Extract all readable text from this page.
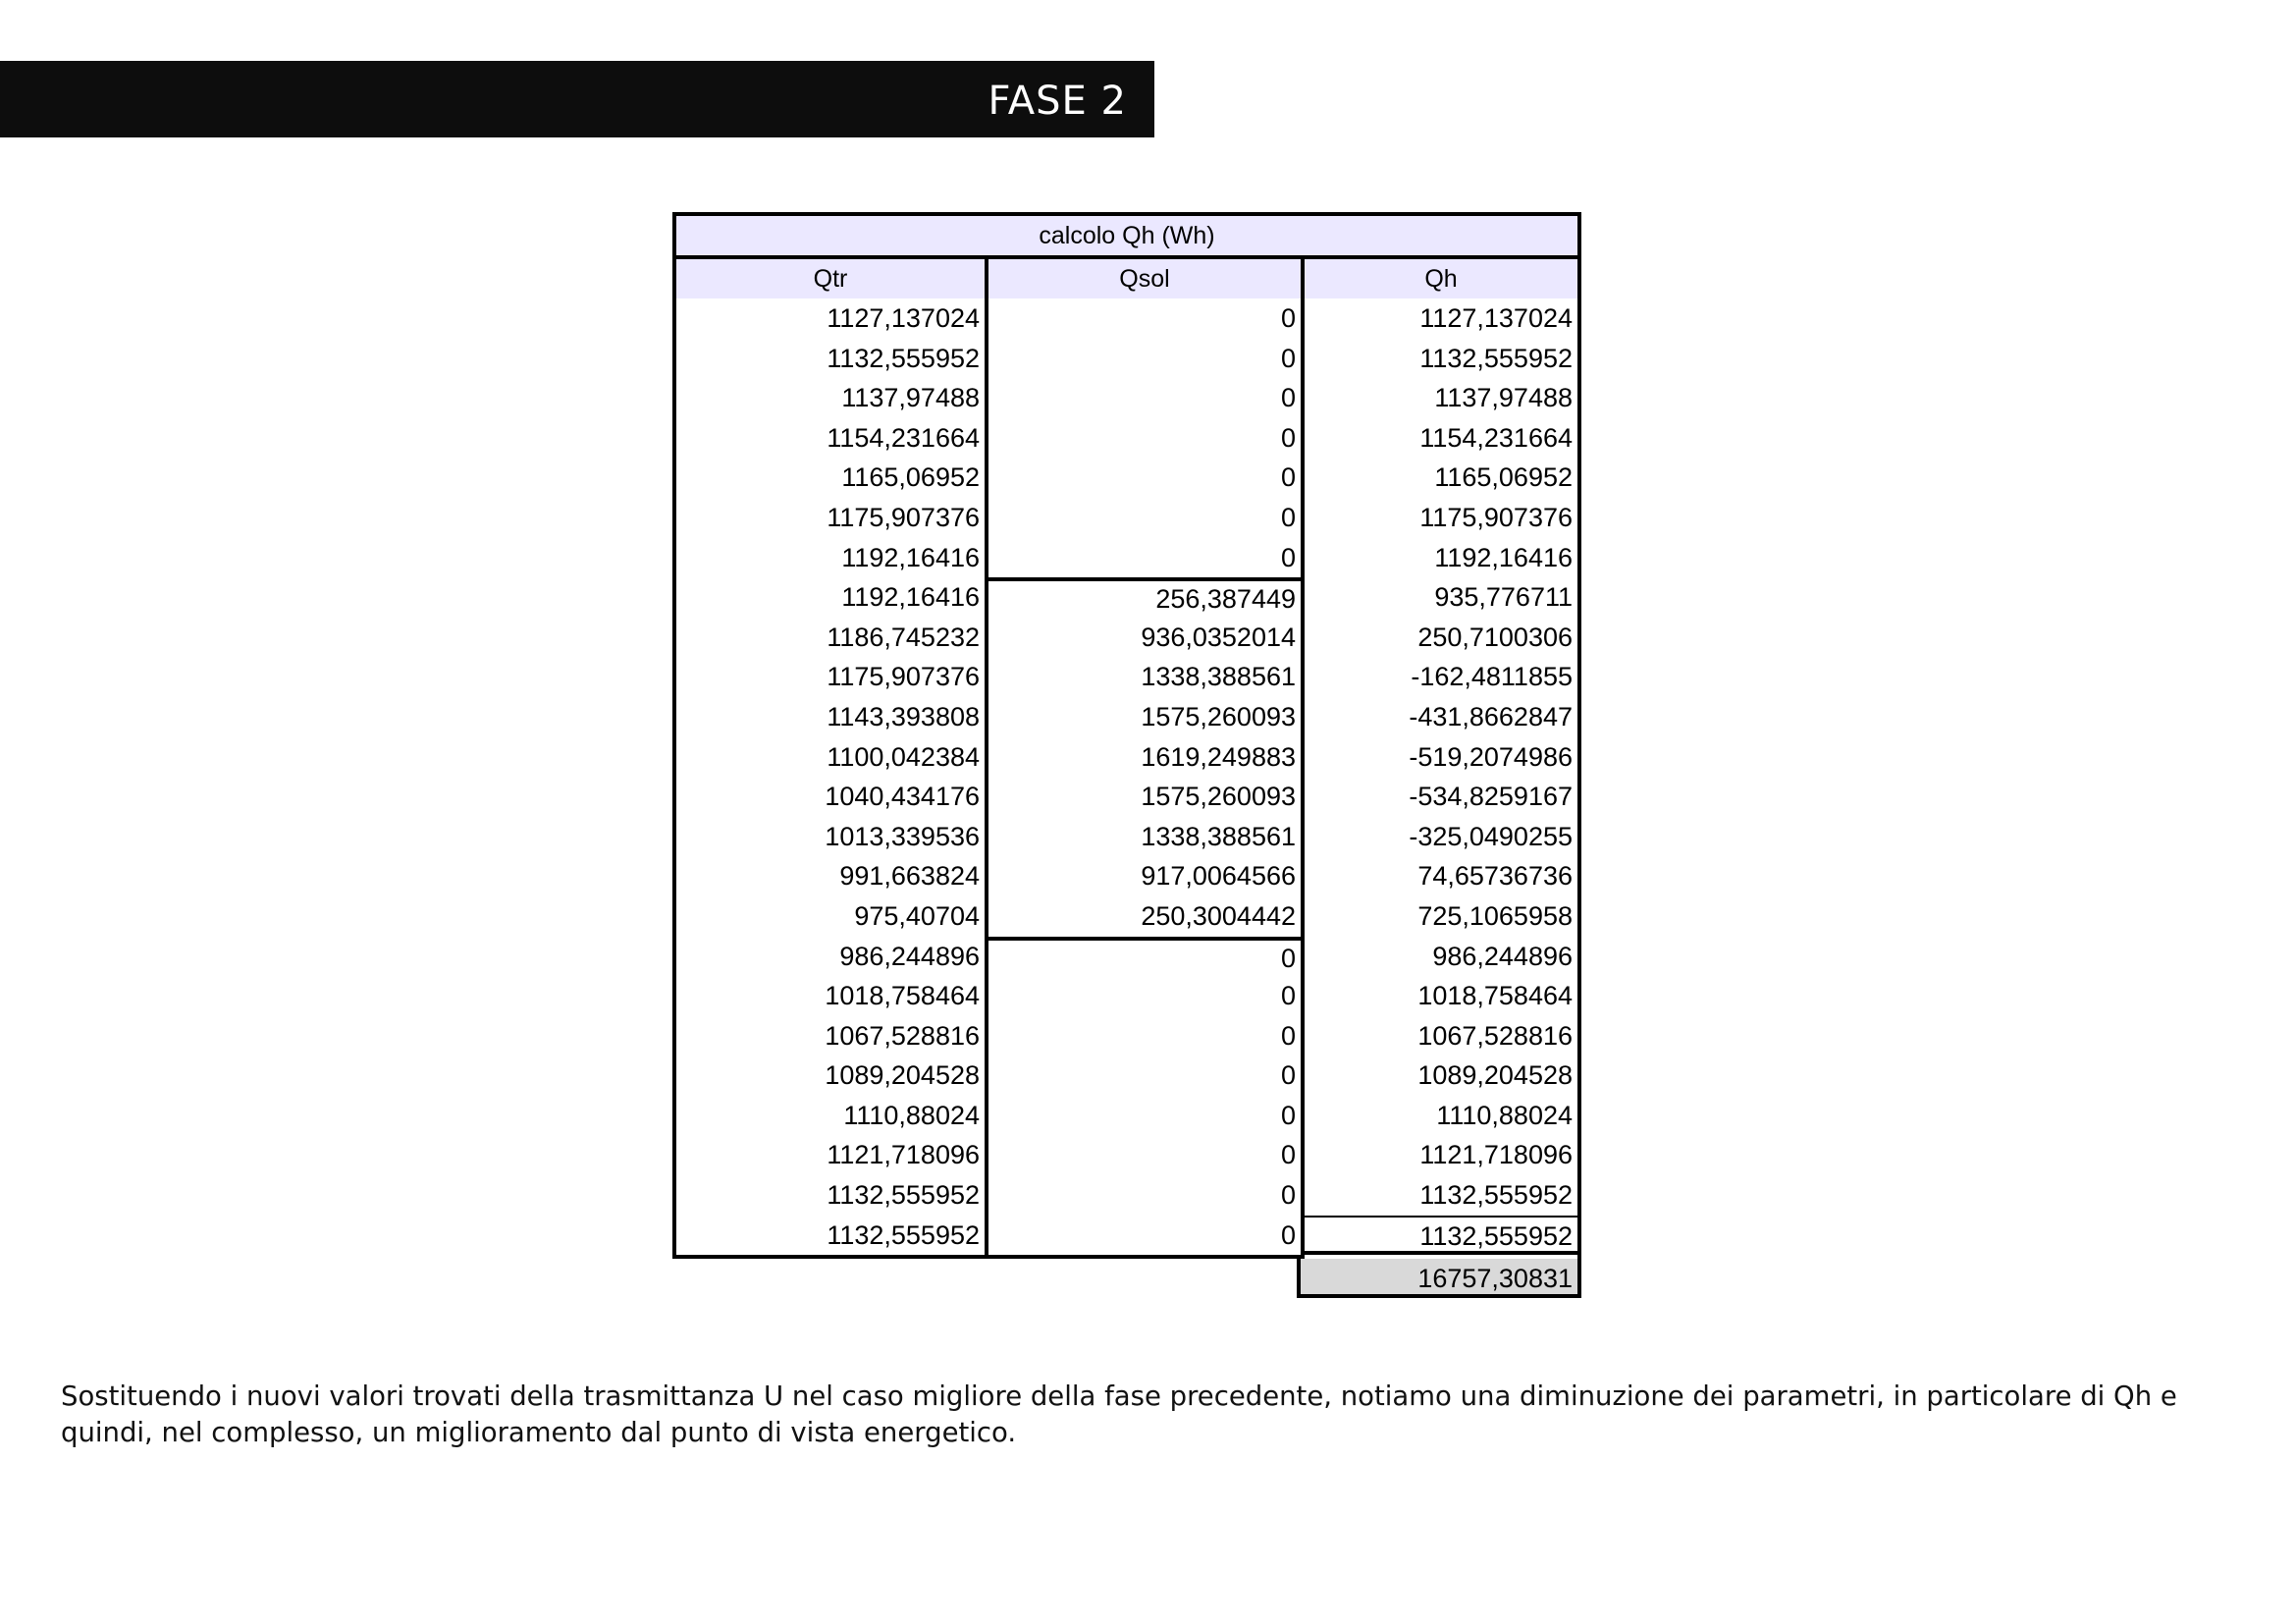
FASE 2
calcolo Qh (Wh)
Qtr
1127,137024
1132,555952
1137,97488
1154,231664
1165,06952
1175,907376
1192,16416
1192,16416
1186,745232
1175,907376
1143,393808
1100,042384
1040,434176
1013,339536
991,663824
975,40704
986,244896
1018,758464
1067,528816
1089,204528
1110,88024
1121,718096
1132,555952
1132,555952
Qsol
0
0
0
0
0
0
0
256,387449
936,0352014
1338,388561
1575,260093
1619,249883
1575,260093
1338,388561
917,0064566
250,3004442
0
0
0
0
0
0
0
0
Qh
1127,137024
1132,555952
1137,97488
1154,231664
1165,06952
1175,907376
1192,16416
935,776711
250,7100306
-162,4811855
-431,8662847
-519,2074986
-534,8259167
-325,0490255
74,65736736
725,1065958
986,244896
1018,758464
1067,528816
1089,204528
1110,88024
1121,718096
1132,555952
1132,555952
16757,30831
Sostituendo i nuovi valori trovati della trasmittanza U nel caso migliore della fase precedente, notiamo una diminuzione dei parametri, in particolare di Qh e quindi, nel complesso, un miglioramento dal punto di vista energetico.
